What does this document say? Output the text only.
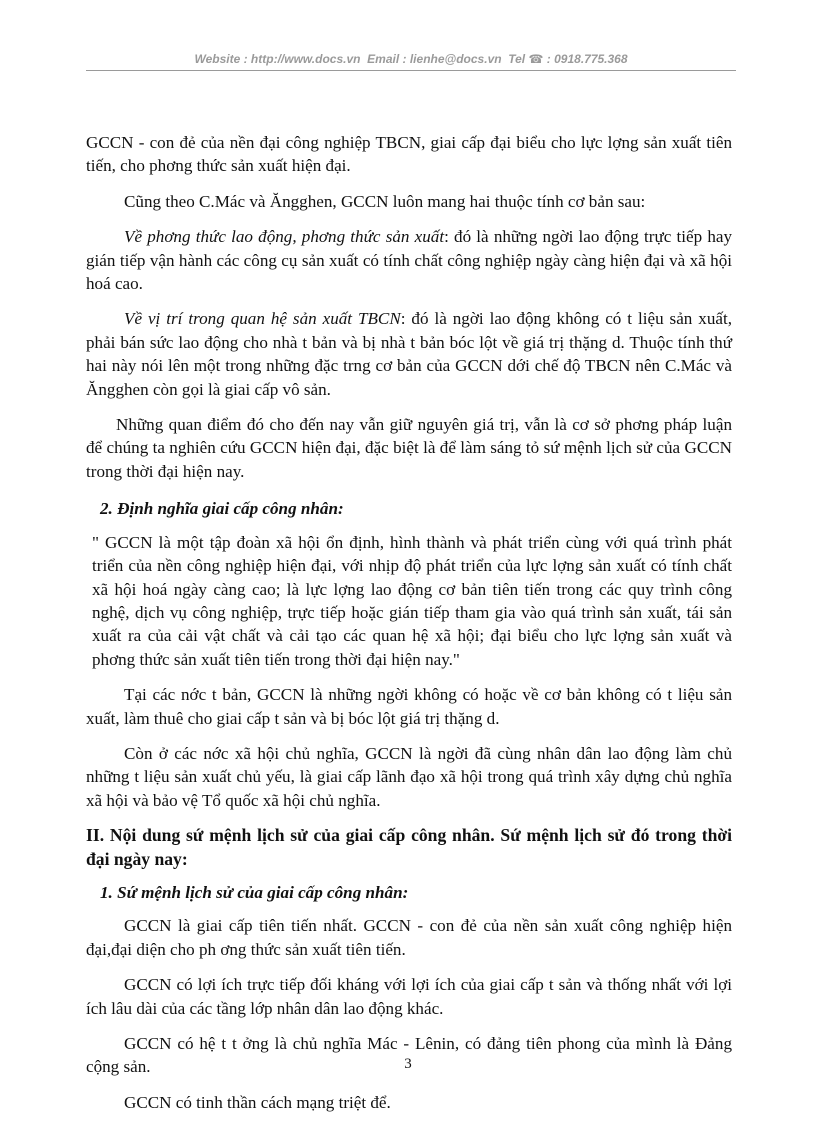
Website : http://www.docs.vn Email : lienhe@docs.vn Tel ☎ : 0918.775.368

GCCN - con đẻ của nền đại công nghiệp TBCN, giai cấp đại biểu cho lực lợng sản xuất tiên tiến, cho phơng thức sản xuất hiện đại.

Cũng theo C.Mác và Ăngghen, GCCN luôn mang hai thuộc tính cơ bản sau:

Về phơng thức lao động, phơng thức sản xuất: đó là những ngời lao động trực tiếp hay gián tiếp vận hành các công cụ sản xuất có tính chất công nghiệp ngày càng hiện đại và xã hội hoá cao.

Về vị trí trong quan hệ sản xuất TBCN: đó là ngời lao động không có t liệu sản xuất, phải bán sức lao động cho nhà t bản và bị nhà t bản bóc lột về giá trị thặng d. Thuộc tính thứ hai này nói lên một trong những đặc trng cơ bản của GCCN dới chế độ TBCN nên C.Mác và Ăngghen còn gọi là giai cấp vô sản.

Những quan điểm đó cho đến nay vẫn giữ nguyên giá trị, vẫn là cơ sở phơng pháp luận để chúng ta nghiên cứu GCCN hiện đại, đặc biệt là để làm sáng tỏ sứ mệnh lịch sử của GCCN trong thời đại hiện nay.

2. Định nghĩa giai cấp công nhân:

" GCCN là một tập đoàn xã hội ổn định, hình thành và phát triển cùng với quá trình phát triển của nền công nghiệp hiện đại, với nhịp độ phát triển của lực lợng sản xuất có tính chất xã hội hoá ngày càng cao; là lực lợng lao động cơ bản tiên tiến trong các quy trình công nghệ, dịch vụ công nghiệp, trực tiếp hoặc gián tiếp tham gia vào quá trình sản xuất, tái sản xuất ra của cải vật chất và cải tạo các quan hệ xã hội; đại biểu cho lực lợng sản xuất và phơng thức sản xuất tiên tiến trong thời đại hiện nay."

Tại các nớc t bản, GCCN là những ngời không có hoặc về cơ bản không có t liệu sản xuất, làm thuê cho giai cấp t sản và bị bóc lột giá trị thặng d.

Còn ở các nớc xã hội chủ nghĩa, GCCN là ngời đã cùng nhân dân lao động làm chủ những t liệu sản xuất chủ yếu, là giai cấp lãnh đạo xã hội trong quá trình xây dựng chủ nghĩa xã hội và bảo vệ Tổ quốc xã hội chủ nghĩa.

II. Nội dung sứ mệnh lịch sử của giai cấp công nhân. Sứ mệnh lịch sử đó trong thời đại ngày nay:

1. Sứ mệnh lịch sử của giai cấp công nhân:

GCCN là giai cấp tiên tiến nhất. GCCN - con đẻ của nền sản xuất công nghiệp hiện đại,đại diện cho ph ơng thức sản xuất tiên tiến.

GCCN có lợi ích trực tiếp đối kháng với lợi ích của giai cấp t sản và thống nhất với lợi ích lâu dài của các tầng lớp nhân dân lao động khác.

GCCN có hệ t t ởng là chủ nghĩa Mác - Lênin, có đảng tiên phong của mình là Đảng cộng sản.

GCCN có tinh thần cách mạng triệt để.

3
